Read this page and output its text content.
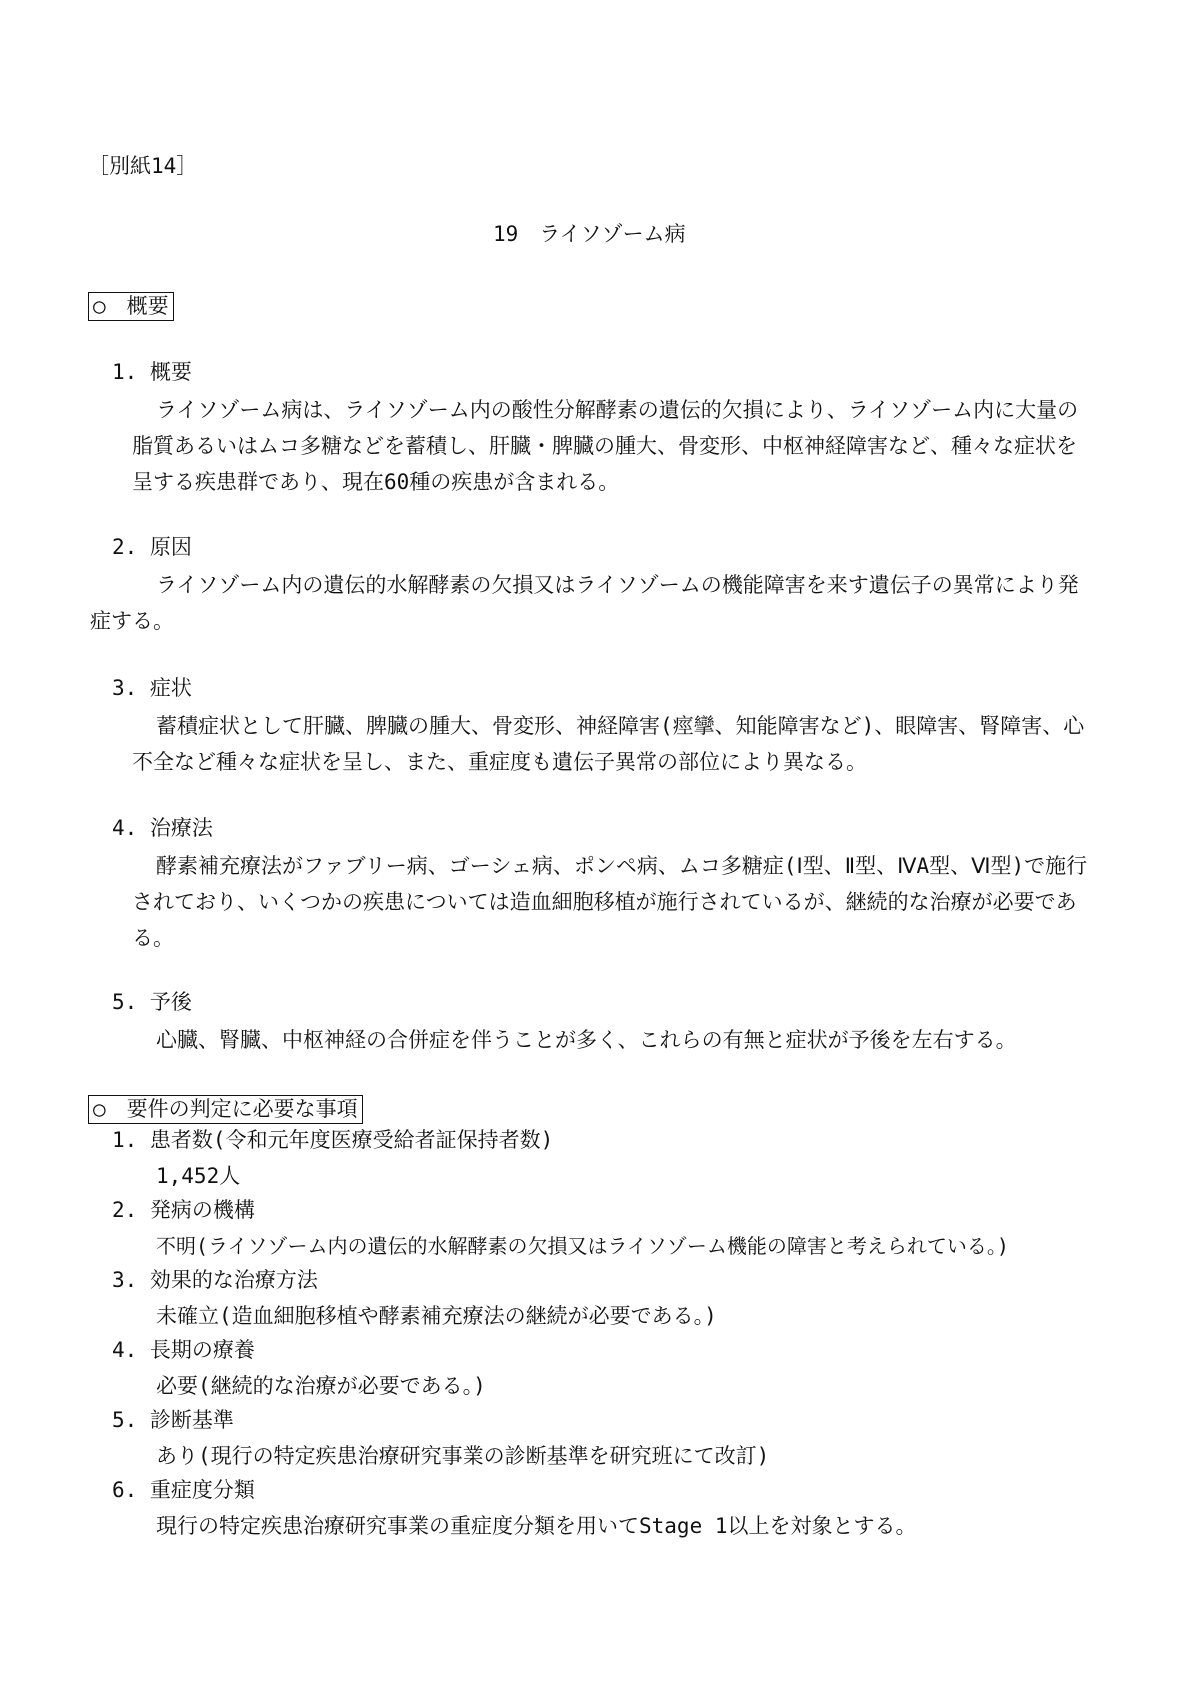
［別紙14］
19　ライソゾーム病
○　概要
1. 概要
ライソゾーム病は、ライソゾーム内の酸性分解酵素の遺伝的欠損により、ライソゾーム内に大量の脂質あるいはムコ多糖などを蓄積し、肝臓・脾臓の腫大、骨変形、中枢神経障害など、種々な症状を呈する疾患群であり、現在60種の疾患が含まれる。
2. 原因
ライソゾーム内の遺伝的水解酵素の欠損又はライソゾームの機能障害を来す遺伝子の異常により発症する。
3. 症状
蓄積症状として肝臓、脾臓の腫大、骨変形、神経障害(痙攣、知能障害など)、眼障害、腎障害、心不全など種々な症状を呈し、また、重症度も遺伝子異常の部位により異なる。
4. 治療法
酵素補充療法がファブリー病、ゴーシェ病、ポンペ病、ムコ多糖症(Ⅰ型、Ⅱ型、ⅣA型、Ⅵ型)で施行されており、いくつかの疾患については造血細胞移植が施行されているが、継続的な治療が必要である。
5. 予後
心臓、腎臓、中枢神経の合併症を伴うことが多く、これらの有無と症状が予後を左右する。
○　要件の判定に必要な事項
1. 患者数(令和元年度医療受給者証保持者数)
1,452人
2. 発病の機構
不明(ライソゾーム内の遺伝的水解酵素の欠損又はライソゾーム機能の障害と考えられている。)
3. 効果的な治療方法
未確立(造血細胞移植や酵素補充療法の継続が必要である。)
4. 長期の療養
必要(継続的な治療が必要である。)
5. 診断基準
あり(現行の特定疾患治療研究事業の診断基準を研究班にて改訂)
6. 重症度分類
現行の特定疾患治療研究事業の重症度分類を用いてStage 1以上を対象とする。
